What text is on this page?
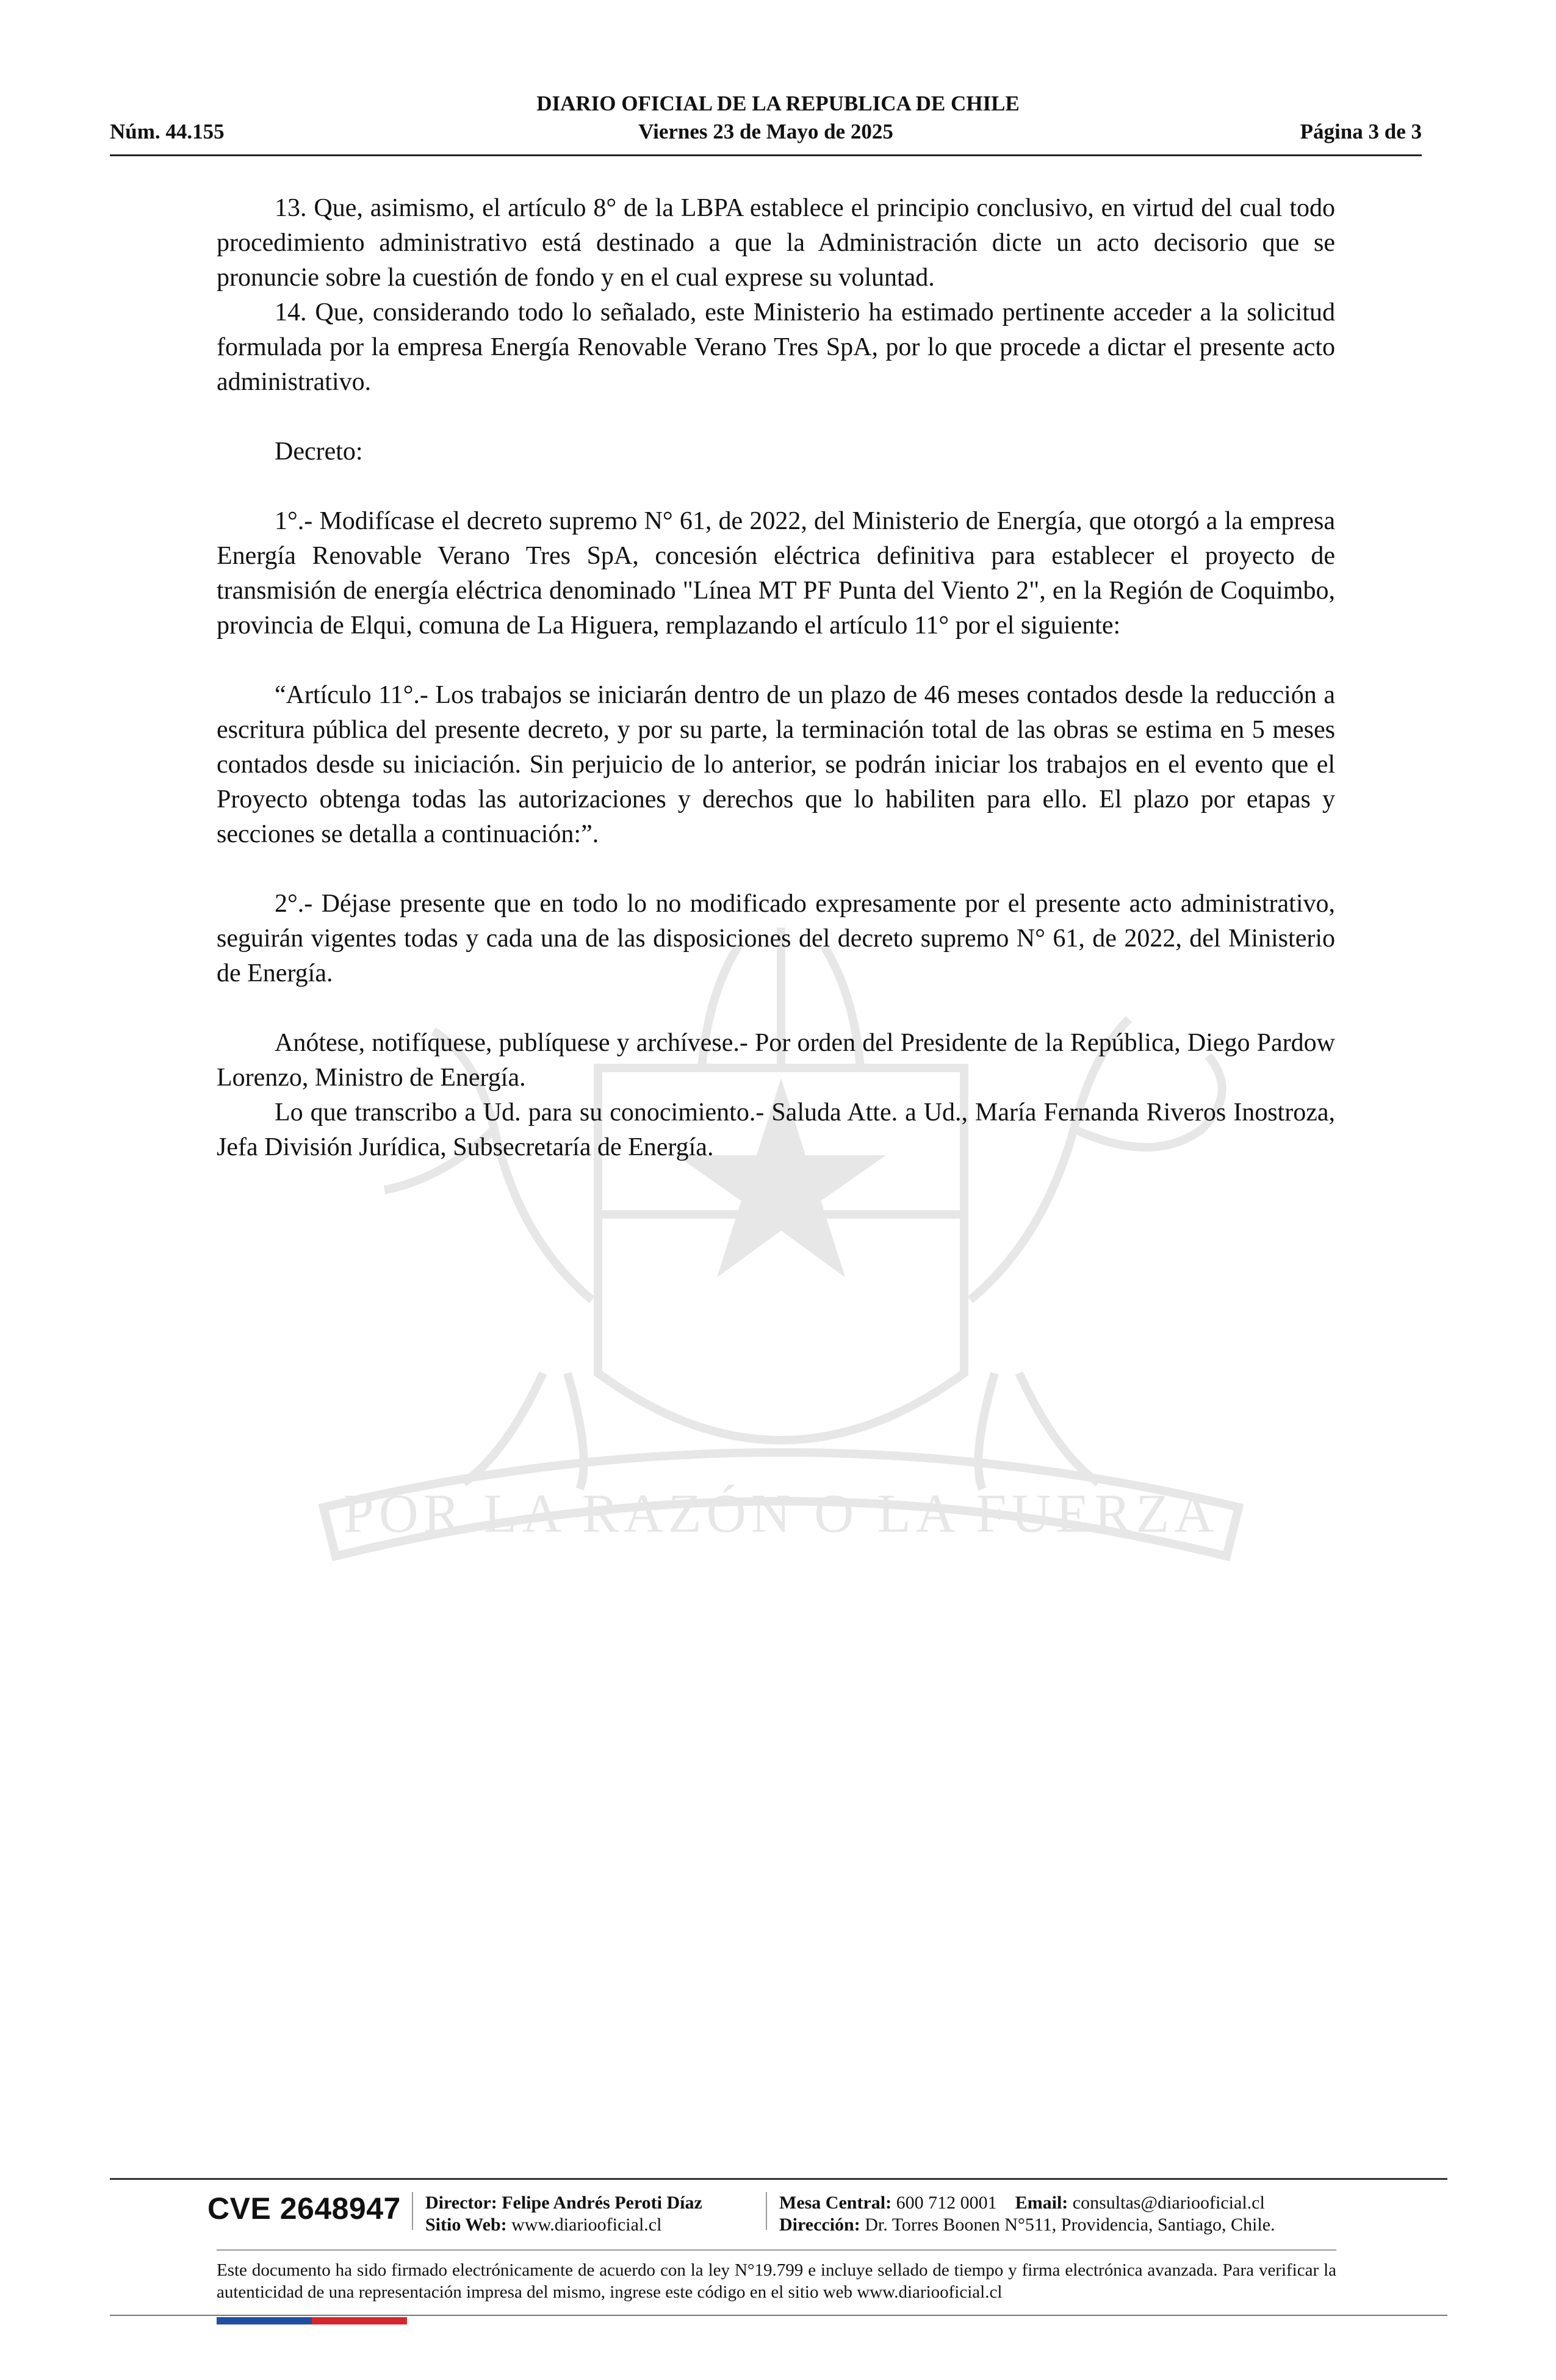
DIARIO OFICIAL DE LA REPUBLICA DE CHILE
Viernes 23 de Mayo de 2025
Núm. 44.155	Página 3 de 3
POR LA RAZÓN O LA FUERZA

13. Que, asimismo, el artículo 8° de la LBPA establece el principio conclusivo, en virtud del cual todo procedimiento administrativo está destinado a que la Administración dicte un acto decisorio que se pronuncie sobre la cuestión de fondo y en el cual exprese su voluntad.

14. Que, considerando todo lo señalado, este Ministerio ha estimado pertinente acceder a la solicitud formulada por la empresa Energía Renovable Verano Tres SpA, por lo que procede a dictar el presente acto administrativo.

Decreto:

1°.- Modifícase el decreto supremo N° 61, de 2022, del Ministerio de Energía, que otorgó a la empresa Energía Renovable Verano Tres SpA, concesión eléctrica definitiva para establecer el proyecto de transmisión de energía eléctrica denominado "Línea MT PF Punta del Viento 2", en la Región de Coquimbo, provincia de Elqui, comuna de La Higuera, remplazando el artículo 11° por el siguiente:

“Artículo 11°.- Los trabajos se iniciarán dentro de un plazo de 46 meses contados desde la reducción a escritura pública del presente decreto, y por su parte, la terminación total de las obras se estima en 5 meses contados desde su iniciación. Sin perjuicio de lo anterior, se podrán iniciar los trabajos en el evento que el Proyecto obtenga todas las autorizaciones y derechos que lo habiliten para ello. El plazo por etapas y secciones se detalla a continuación:”.

2°.- Déjase presente que en todo lo no modificado expresamente por el presente acto administrativo, seguirán vigentes todas y cada una de las disposiciones del decreto supremo N° 61, de 2022, del Ministerio de Energía.

Anótese, notifíquese, publíquese y archívese.- Por orden del Presidente de la República, Diego Pardow Lorenzo, Ministro de Energía.

Lo que transcribo a Ud. para su conocimiento.- Saluda Atte. a Ud., María Fernanda Riveros Inostroza, Jefa División Jurídica, Subsecretaría de Energía.

CVE 2648947 Director: Felipe Andrés Peroti Díaz
Sitio Web: www.diariooficial.cl
Mesa Central: 600 712 0001 Email: consultas@diariooficial.cl
Dirección: Dr. Torres Boonen N°511, Providencia, Santiago, Chile.
Este documento ha sido firmado electrónicamente de acuerdo con la ley N°19.799 e incluye sellado de tiempo y firma electrónica avanzada. Para verificar la autenticidad de una representación impresa del mismo, ingrese este código en el sitio web www.diariooficial.cl
